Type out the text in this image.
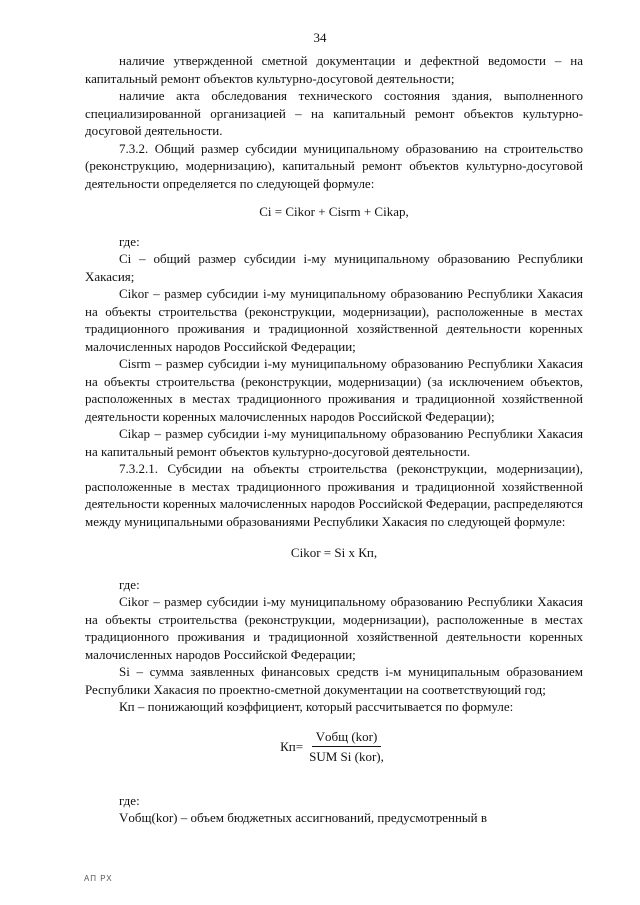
34

наличие утвержденной сметной документации и дефектной ведомости – на капитальный ремонт объектов культурно-досуговой деятельности;

наличие акта обследования технического состояния здания, выполненного специализированной организацией – на капитальный ремонт объектов культурно-досуговой деятельности.

7.3.2. Общий размер субсидии муниципальному образованию на строительство (реконструкцию, модернизацию), капитальный ремонт объектов культурно-досуговой деятельности определяется по следующей формуле:

Ci = Cikor + Cisrm + Cikap,

где:

Ci – общий размер субсидии i-му муниципальному образованию Республики Хакасия;

Cikor – размер субсидии i-му муниципальному образованию Республики Хакасия на объекты строительства (реконструкции, модернизации), расположенные в местах традиционного проживания и традиционной хозяйственной деятельности коренных малочисленных народов Российской Федерации;

Cisrm – размер субсидии i-му муниципальному образованию Республики Хакасия на объекты строительства (реконструкции, модернизации) (за исключением объектов, расположенных в местах традиционного проживания и традиционной хозяйственной деятельности коренных малочисленных народов Российской Федерации);

Cikap – размер субсидии i-му муниципальному образованию Республики Хакасия на капитальный ремонт объектов культурно-досуговой деятельности.

7.3.2.1. Субсидии на объекты строительства (реконструкции, модернизации), расположенные в местах традиционного проживания и традиционной хозяйственной деятельности коренных малочисленных народов Российской Федерации, распределяются между муниципальными образованиями Республики Хакасия по следующей формуле:

Cikor = Si x Кп,

где:

Cikor – размер субсидии i-му муниципальному образованию Республики Хакасия на объекты строительства (реконструкции, модернизации), расположенные в местах традиционного проживания и традиционной хозяйственной деятельности коренных малочисленных народов Российской Федерации;

Si – сумма заявленных финансовых средств i-м муниципальным образованием Республики Хакасия по проектно-сметной документации на соответствующий год;

Кп – понижающий коэффициент, который рассчитывается по формуле:

$Кп= \frac{\text{Vобщ (kor)}}{\text{SUM Si (kor),}}$

где:

Vобщ(kor) – объем бюджетных ассигнований, предусмотренный в

АП РХ
